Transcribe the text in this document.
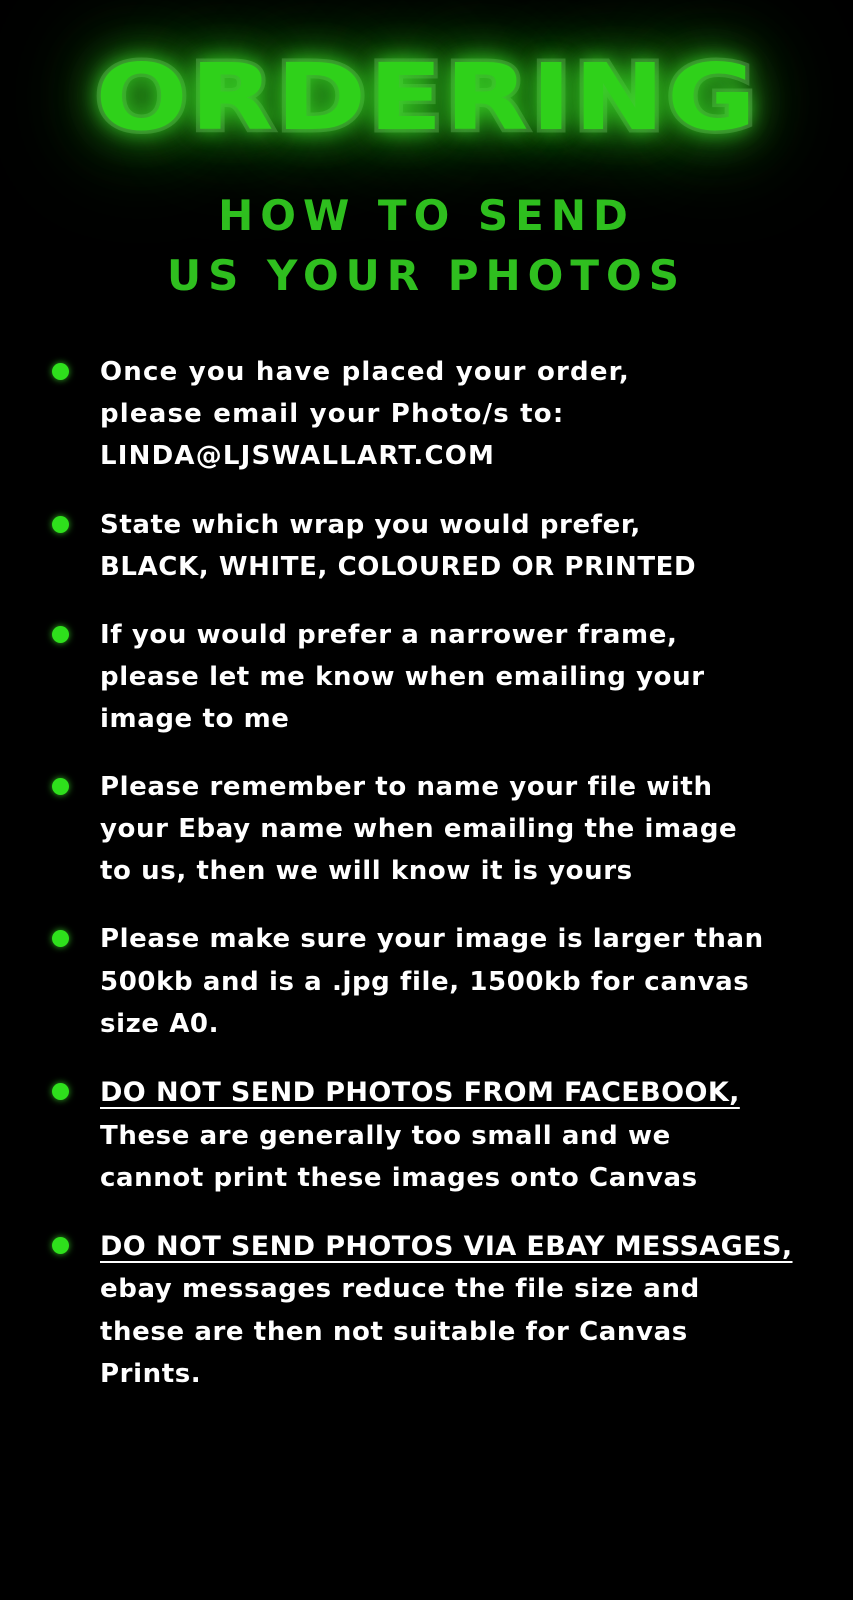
ORDERING
HOW TO SEND
US YOUR PHOTOS
Once you have placed your order,
please email your Photo/s to:
LINDA@LJSWALLART.COM
State which wrap you would prefer,
BLACK, WHITE, COLOURED OR PRINTED
If you would prefer a narrower frame,
please let me know when emailing your
image to me
Please remember to name your file with
your Ebay name when emailing the image
to us, then we will know it is yours
Please make sure your image is larger than
500kb and is a .jpg file, 1500kb for canvas
size A0.
DO NOT SEND PHOTOS FROM FACEBOOK,
These are generally too small and we
cannot print these images onto Canvas
DO NOT SEND PHOTOS VIA EBAY MESSAGES,
ebay messages reduce the file size and
these are then not suitable for Canvas
Prints.
